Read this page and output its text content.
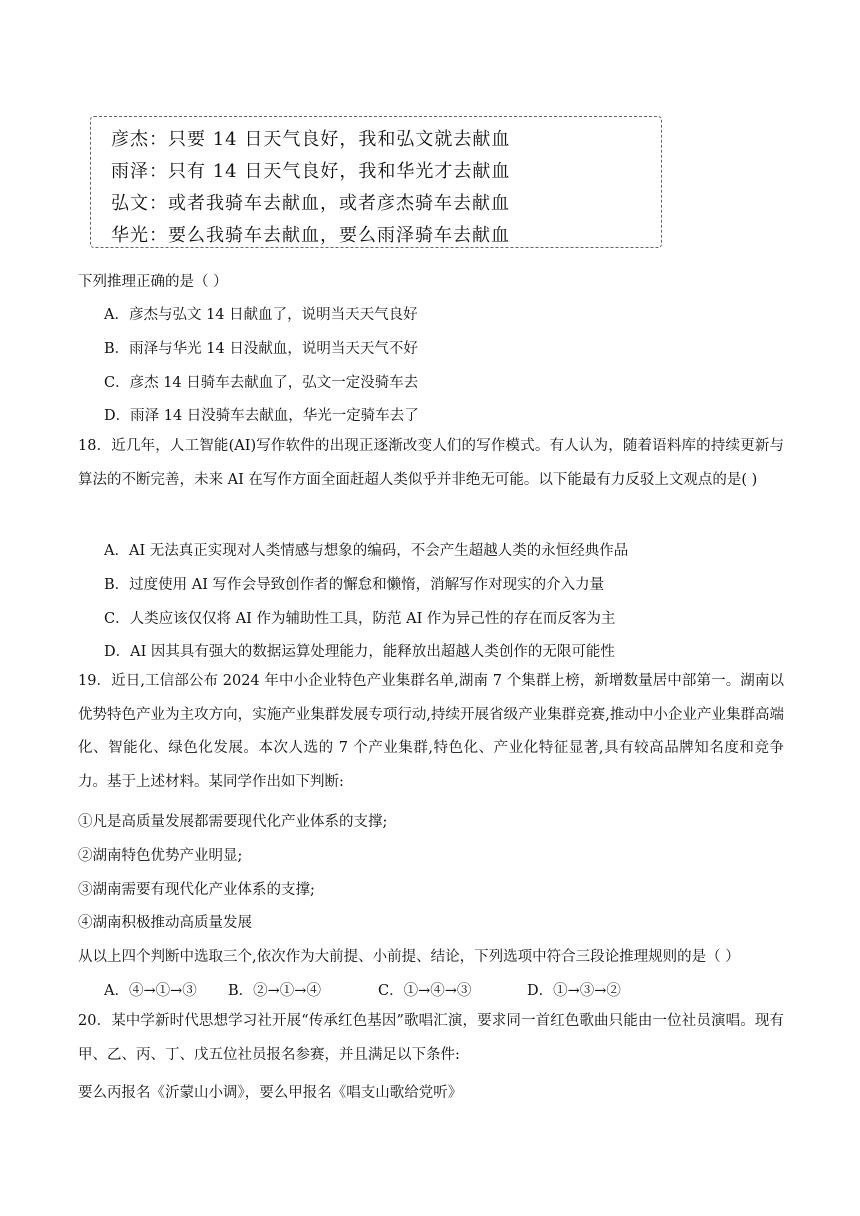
彦杰：只要 14 日天气良好，我和弘文就去献血
雨泽：只有 14 日天气良好，我和华光才去献血
弘文：或者我骑车去献血，或者彦杰骑车去献血
华光：要么我骑车去献血，要么雨泽骑车去献血
下列推理正确的是（ ）
A．彦杰与弘文 14 日献血了，说明当天天气良好
B．雨泽与华光 14 日没献血，说明当天天气不好
C．彦杰 14 日骑车去献血了，弘文一定没骑车去
D．雨泽 14 日没骑车去献血，华光一定骑车去了
18．近几年，人工智能(AI)写作软件的出现正逐渐改变人们的写作模式。有人认为，随着语料库的持续更新与算法的不断完善，未来 AI 在写作方面全面赶超人类似乎并非绝无可能。以下能最有力反驳上文观点的是( )
A．AI 无法真正实现对人类情感与想象的编码，不会产生超越人类的永恒经典作品
B．过度使用 AI 写作会导致创作者的懈怠和懒惰，消解写作对现实的介入力量
C．人类应该仅仅将 AI 作为辅助性工具，防范 AI 作为异己性的存在而反客为主
D．AI 因其具有强大的数据运算处理能力，能释放出超越人类创作的无限可能性
19．近日,工信部公布 2024 年中小企业特色产业集群名单,湖南 7 个集群上榜，新增数量居中部第一。湖南以优势特色产业为主攻方向，实施产业集群发展专项行动,持续开展省级产业集群竞赛,推动中小企业产业集群高端化、智能化、绿色化发展。本次人选的 7 个产业集群,特色化、产业化特征显著,具有较高品牌知名度和竞争力。基于上述材料。某同学作出如下判断:
①凡是高质量发展都需要现代化产业体系的支撑;
②湖南特色优势产业明显;
③湖南需要有现代化产业体系的支撑;
④湖南积极推动高质量发展
从以上四个判断中选取三个,依次作为大前提、小前提、结论，下列选项中符合三段论推理规则的是（ ）
A．④→①→③ B．②→①→④	C．①→④→③	D．①→③→②
20．某中学新时代思想学习社开展“传承红色基因”歌唱汇演，要求同一首红色歌曲只能由一位社员演唱。现有甲、乙、丙、丁、戊五位社员报名参赛，并且满足以下条件:
要么丙报名《沂蒙山小调》，要么甲报名《唱支山歌给党听》
